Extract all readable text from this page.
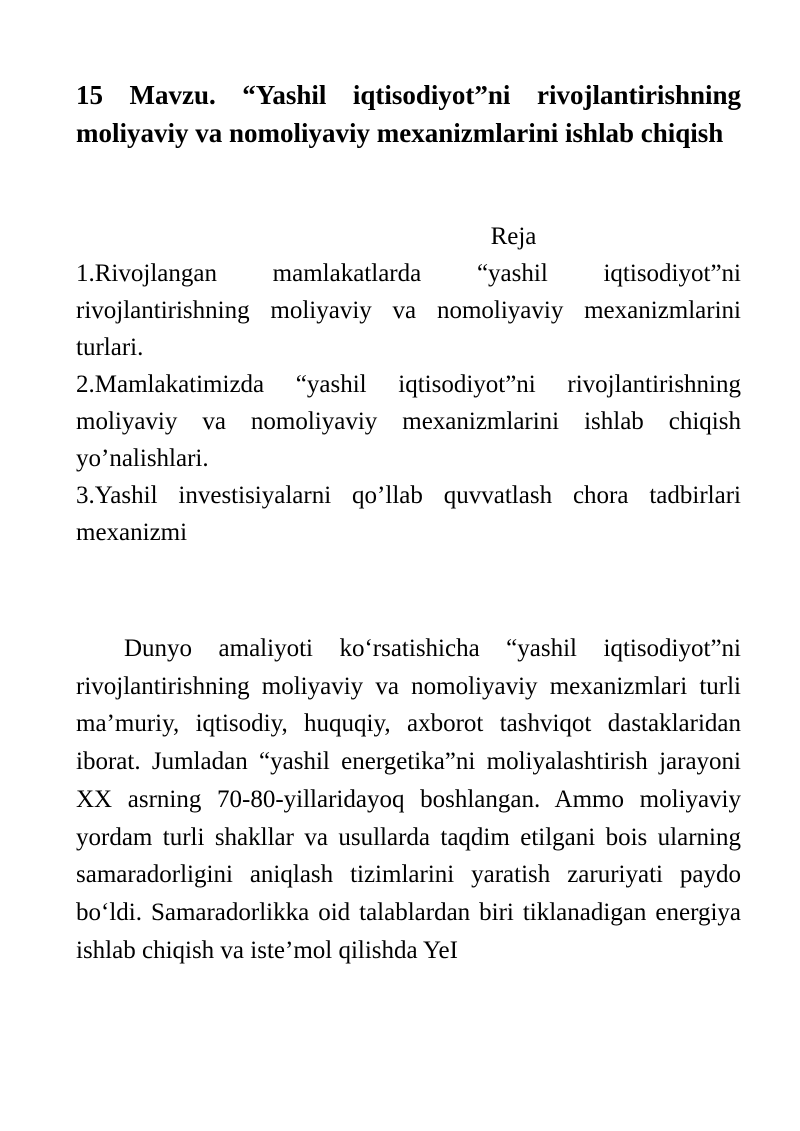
15 Mavzu. “Yashil iqtisodiyot”ni rivojlantirishning moliyaviy va nomoliyaviy mexanizmlarini ishlab chiqish

Reja

1.Rivojlangan mamlakatlarda “yashil iqtisodiyot”ni rivojlantirishning moliyaviy va nomoliyaviy mexanizmlarini turlari.
2.Mamlakatimizda “yashil iqtisodiyot”ni rivojlantirishning moliyaviy va nomoliyaviy mexanizmlarini ishlab chiqish yo’nalishlari.
3.Yashil investisiyalarni qo’llab quvvatlash chora tadbirlari mexanizmi

Dunyo amaliyoti ko‘rsatishicha “yashil iqtisodiyot”ni rivojlantirishning moliyaviy va nomoliyaviy mexanizmlari turli ma’muriy, iqtisodiy, huquqiy, axborot tashviqot dastaklaridan iborat. Jumladan “yashil energetika”ni moliyalashtirish jarayoni XX asrning 70-80-yillaridayoq boshlangan. Ammo moliyaviy yordam turli shakllar va usullarda taqdim etilgani bois ularning samaradorligini aniqlash tizimlarini yaratish zaruriyati paydo bo‘ldi. Samaradorlikka oid talablardan biri tiklanadigan energiya ishlab chiqish va iste’mol qilishda YeI
